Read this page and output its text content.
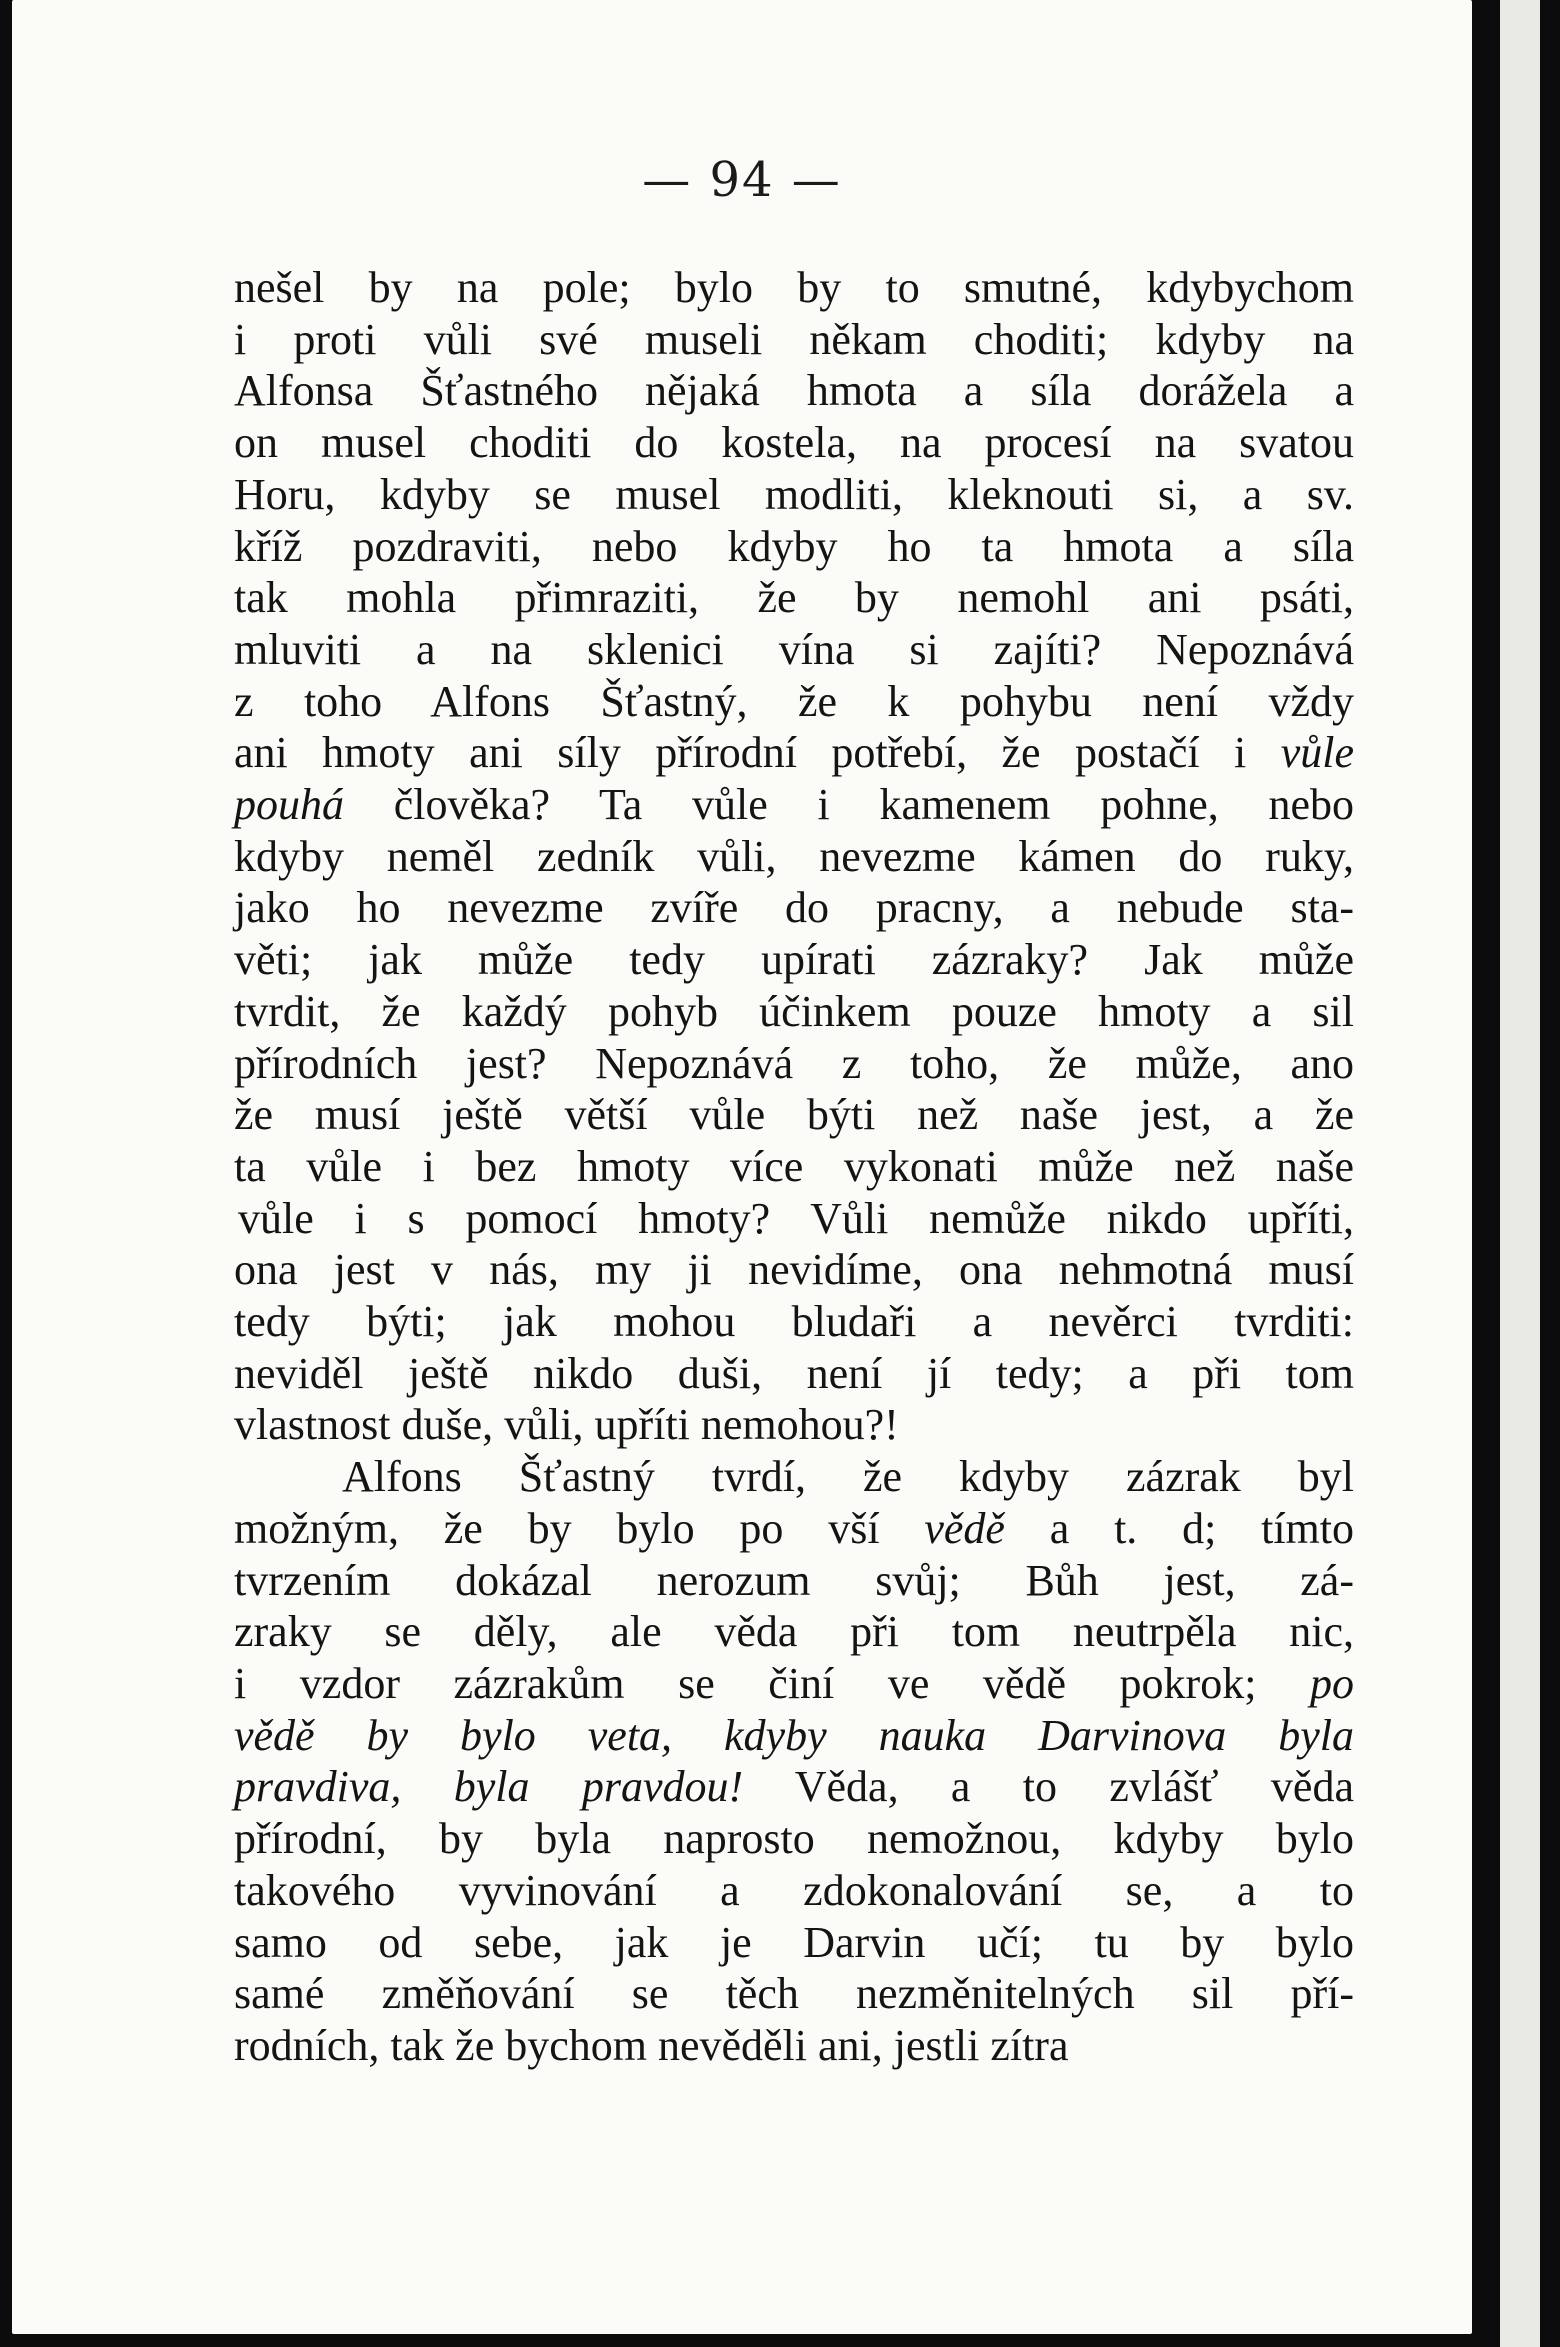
— 94 —
nešel by na pole; bylo by to smutné, kdybychom
i proti vůli své museli někam choditi; kdyby na
Alfonsa Šťastného nějaká hmota a síla dorážela a
on musel choditi do kostela, na procesí na svatou
Horu, kdyby se musel modliti, kleknouti si, a sv.
kříž pozdraviti, nebo kdyby ho ta hmota a síla
tak mohla přimraziti, že by nemohl ani psáti,
mluviti a na sklenici vína si zajíti? Nepoznává
z toho Alfons Šťastný, že k pohybu není vždy
ani hmoty ani síly přírodní potřebí, že postačí i vůle
pouhá člověka? Ta vůle i kamenem pohne, nebo
kdyby neměl zedník vůli, nevezme kámen do ruky,
jako ho nevezme zvíře do pracny, a nebude sta-
věti; jak může tedy upírati zázraky? Jak může
tvrdit, že každý pohyb účinkem pouze hmoty a sil
přírodních jest? Nepoznává z toho, že může, ano
že musí ještě větší vůle býti než naše jest, a že
ta vůle i bez hmoty více vykonati může než naše
vůle i s pomocí hmoty? Vůli nemůže nikdo upříti,
ona jest v nás, my ji nevidíme, ona nehmotná musí
tedy býti; jak mohou bludaři a nevěrci tvrditi:
neviděl ještě nikdo duši, není jí tedy; a při tom
vlastnost duše, vůli, upříti nemohou?!
Alfons Šťastný tvrdí, že kdyby zázrak byl
možným, že by bylo po vší vědě a t. d; tímto
tvrzením dokázal nerozum svůj; Bůh jest, zá-
zraky se děly, ale věda při tom neutrpěla nic,
i vzdor zázrakům se činí ve vědě pokrok; po
vědě by bylo veta, kdyby nauka Darvinova byla
pravdiva, byla pravdou! Věda, a to zvlášť věda
přírodní, by byla naprosto nemožnou, kdyby bylo
takového vyvinování a zdokonalování se, a to
samo od sebe, jak je Darvin učí; tu by bylo
samé změňování se těch nezměnitelných sil pří-
rodních, tak že bychom nevěděli ani, jestli zítra
